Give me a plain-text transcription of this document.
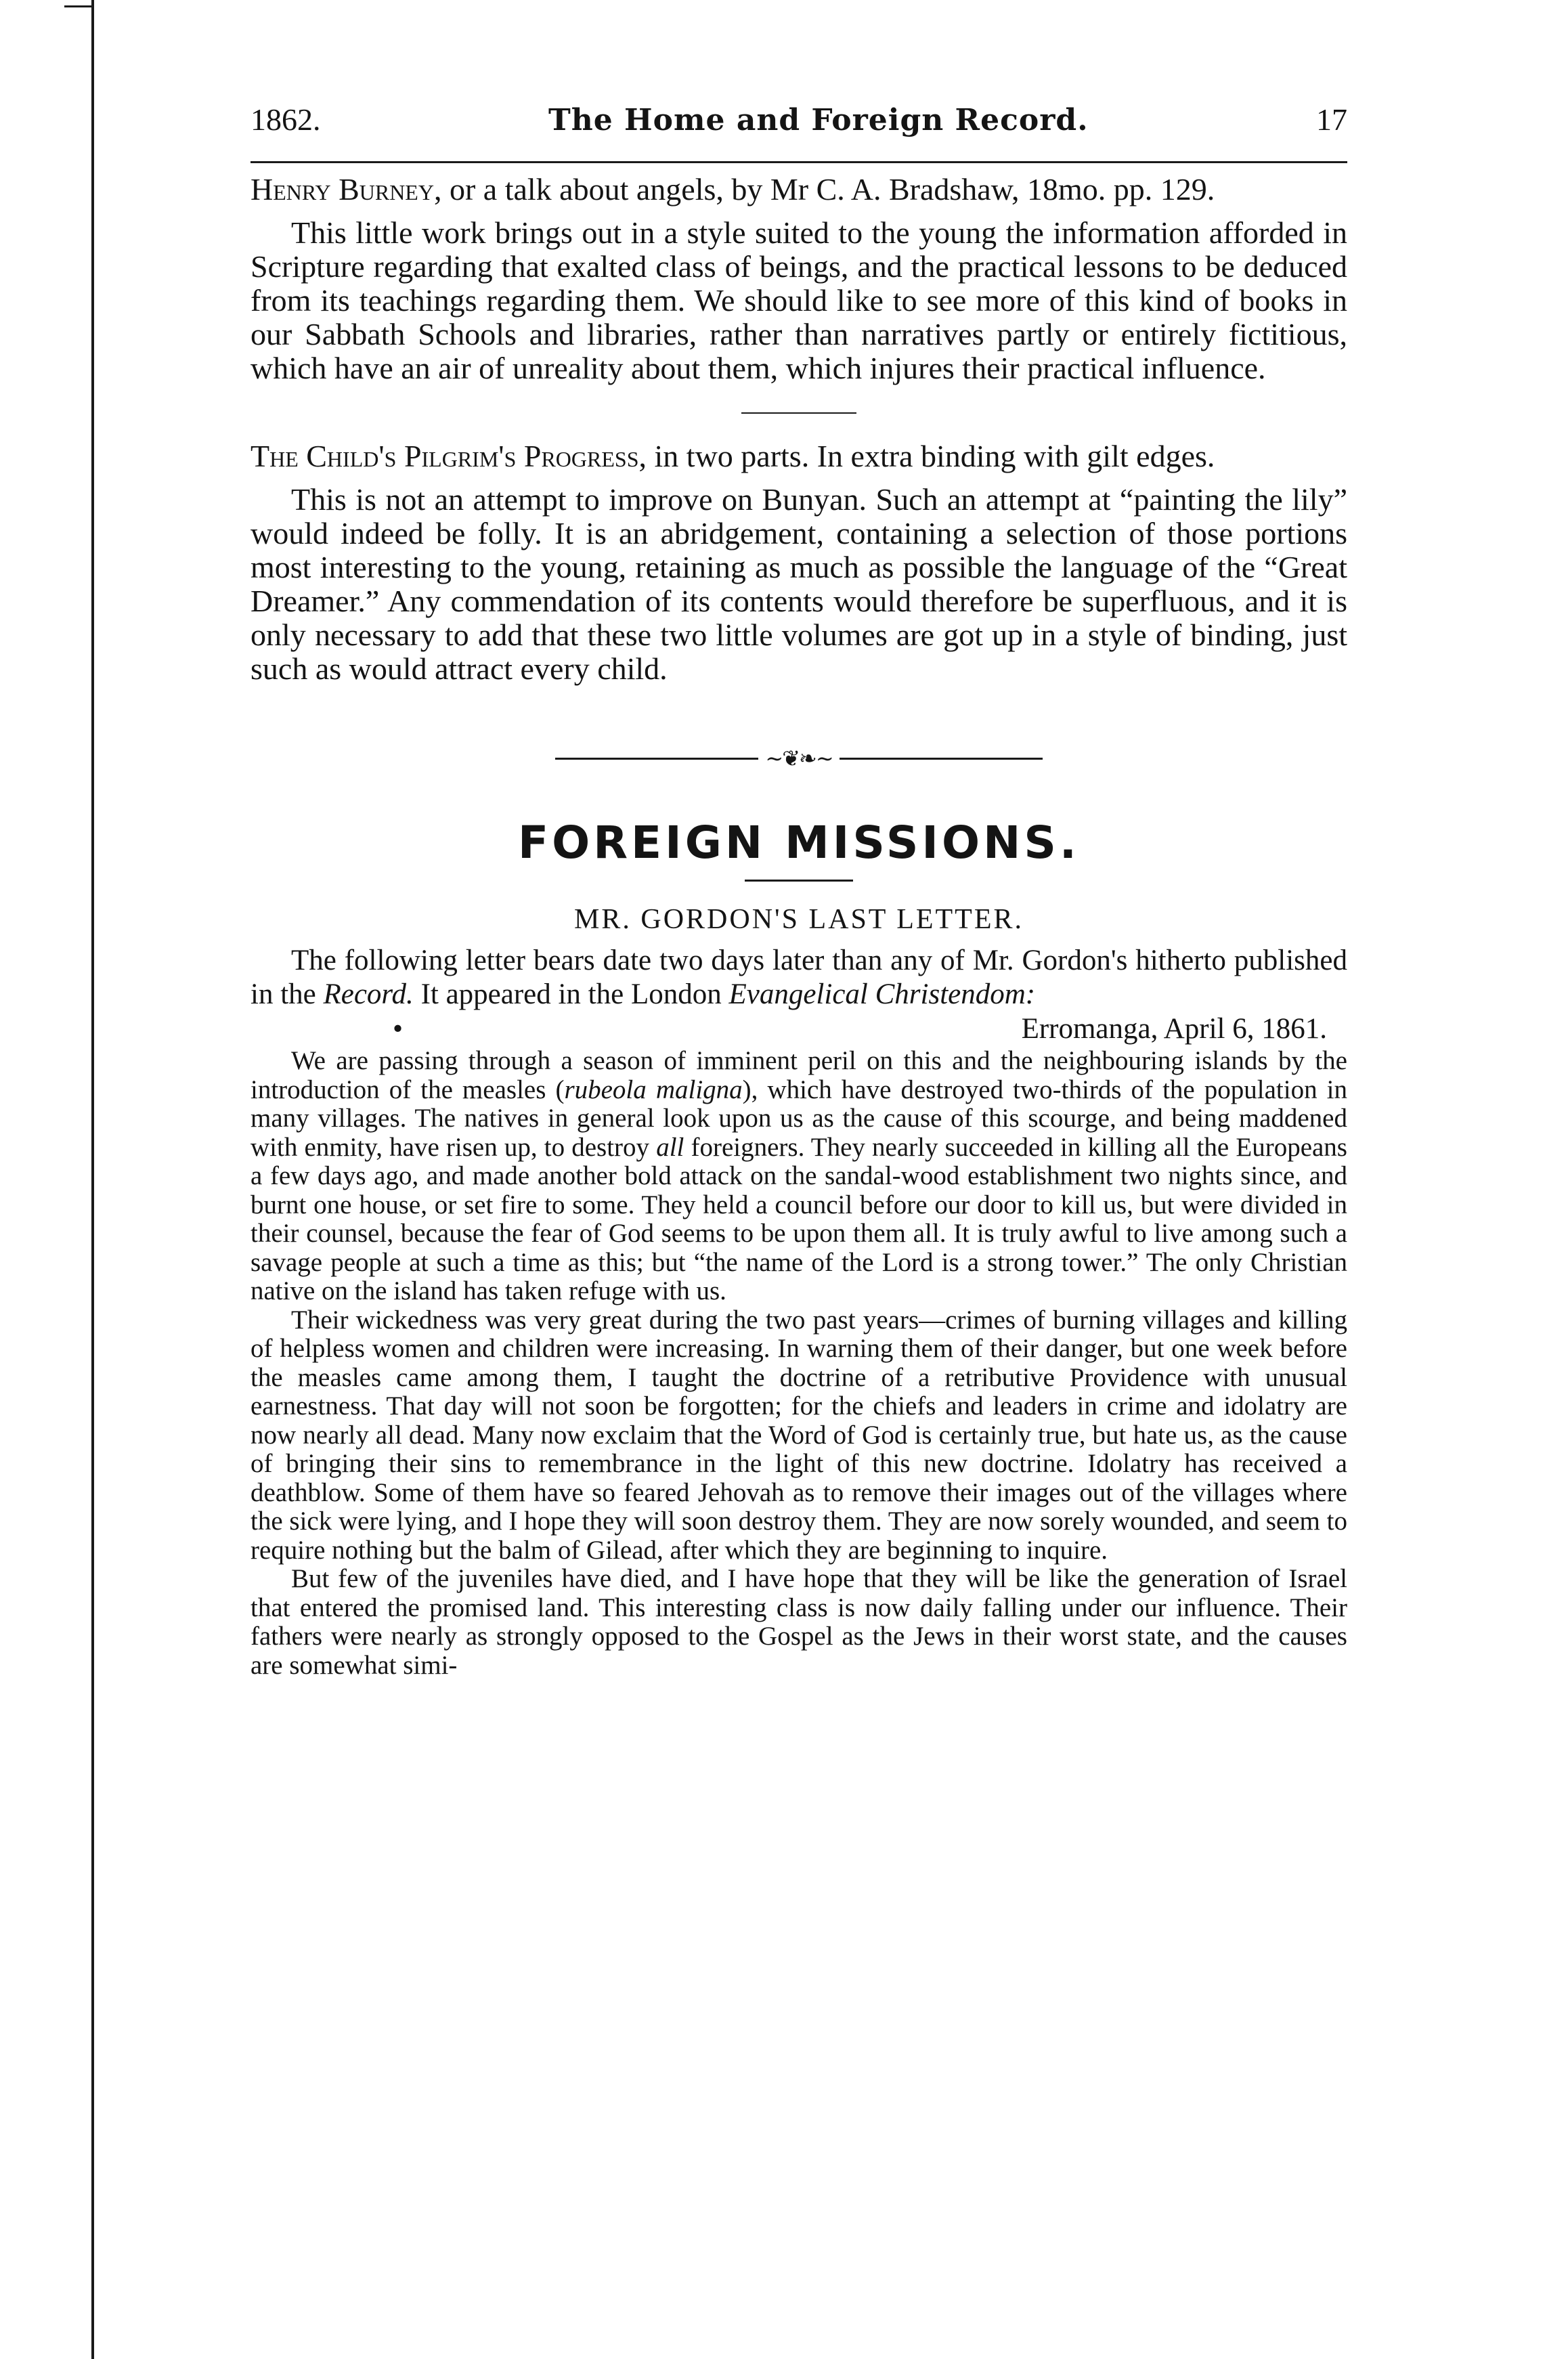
1862.	The Home and Foreign Record.	17

Henry Burney, or a talk about angels, by Mr C. A. Bradshaw, 18mo. pp. 129.

This little work brings out in a style suited to the young the information afforded in Scripture regarding that exalted class of beings, and the practical lessons to be deduced from its teachings regarding them. We should like to see more of this kind of books in our Sabbath Schools and libraries, rather than narratives partly or entirely fictitious, which have an air of unreality about them, which injures their practical influence.

The Child's Pilgrim's Progress, in two parts. In extra binding with gilt edges.

This is not an attempt to improve on Bunyan. Such an attempt at “painting the lily” would indeed be folly. It is an abridgement, containing a selection of those portions most interesting to the young, retaining as much as possible the language of the “Great Dreamer.” Any commendation of its contents would therefore be superfluous, and it is only necessary to add that these two little volumes are got up in a style of binding, just such as would attract every child.

∼❦❧∼
FOREIGN MISSIONS.
MR. GORDON'S LAST LETTER.

The following letter bears date two days later than any of Mr. Gordon's hitherto published in the Record. It appeared in the London Evangelical Christendom:

•	Erromanga, April 6, 1861.

We are passing through a season of imminent peril on this and the neighbouring islands by the introduction of the measles (rubeola maligna), which have destroyed two-thirds of the population in many villages. The natives in general look upon us as the cause of this scourge, and being maddened with enmity, have risen up, to destroy all foreigners. They nearly succeeded in killing all the Europeans a few days ago, and made another bold attack on the sandal-wood establishment two nights since, and burnt one house, or set fire to some. They held a council before our door to kill us, but were divided in their counsel, because the fear of God seems to be upon them all. It is truly awful to live among such a savage people at such a time as this; but “the name of the Lord is a strong tower.” The only Christian native on the island has taken refuge with us.

Their wickedness was very great during the two past years—crimes of burning villages and killing of helpless women and children were increasing. In warning them of their danger, but one week before the measles came among them, I taught the doctrine of a retributive Providence with unusual earnestness. That day will not soon be forgotten; for the chiefs and leaders in crime and idolatry are now nearly all dead. Many now exclaim that the Word of God is certainly true, but hate us, as the cause of bringing their sins to remembrance in the light of this new doctrine. Idolatry has received a deathblow. Some of them have so feared Jehovah as to remove their images out of the villages where the sick were lying, and I hope they will soon destroy them. They are now sorely wounded, and seem to require nothing but the balm of Gilead, after which they are beginning to inquire.

But few of the juveniles have died, and I have hope that they will be like the generation of Israel that entered the promised land. This interesting class is now daily falling under our influence. Their fathers were nearly as strongly opposed to the Gospel as the Jews in their worst state, and the causes are somewhat simi-
